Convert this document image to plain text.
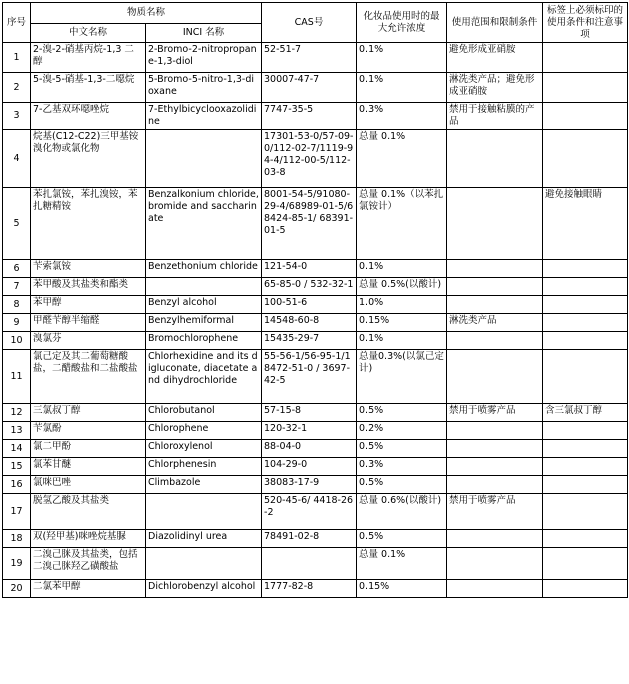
序号	物质名称		CAS号	化妆品使用时的最大允许浓度	使用范围和限制条件	标签上必须标印的使用条件和注意事项
	中文名称	INCI 名称				
1	2-溴-2-硝基丙烷-1,3 二醇	2-Bromo-2-nitropropane-1,3-diol	52-51-7	0.1%	避免形成亚硝胺	
2	5-溴-5-硝基-1,3-二噁烷	5-Bromo-5-nitro-1,3-dioxane	30007-47-7	0.1%	淋洗类产品；避免形成亚硝胺	
3	7-乙基双环噁唑烷	7-Ethylbicyclooxazolidine	7747-35-5	0.3%	禁用于接触粘膜的产品	
4	烷基(C12-C22)三甲基铵溴化物或氯化物		17301-53-0/57-09-0/112-02-7/1119-94-4/112-00-5/112-03-8	总量 0.1%		
5	苯扎氯铵，苯扎溴铵，苯扎糖精铵	Benzalkonium chloride, bromide and saccharinate	8001-54-5/91080-29-4/68989-01-5/68424-85-1/ 68391-01-5	总量 0.1%（以苯扎氯铵计）		避免接触眼睛
6	苄索氯铵	Benzethonium chloride	121-54-0	0.1%		
7	苯甲酸及其盐类和酯类		65-85-0 / 532-32-1	总量 0.5%(以酸计)		
8	苯甲醇	Benzyl alcohol	100-51-6	1.0%		
9	甲醛苄醇半缩醛	Benzylhemiformal	14548-60-8	0.15%	淋洗类产品	
10	溴氯芬	Bromochlorophene	15435-29-7	0.1%		
11	氯己定及其二葡萄糖酸盐，二醋酸盐和二盐酸盐	Chlorhexidine and its digluconate, diacetate and dihydrochloride	55-56-1/56-95-1/18472-51-0 / 3697-42-5	总量0.3%(以氯己定计)		
12	三氯叔丁醇	Chlorobutanol	57-15-8	0.5%	禁用于喷雾产品	含三氯叔丁醇
13	苄氯酚	Chlorophene	120-32-1	0.2%		
14	氯二甲酚	Chloroxylenol	88-04-0	0.5%		
15	氯苯甘醚	Chlorphenesin	104-29-0	0.3%		
16	氯咪巴唑	Climbazole	38083-17-9	0.5%		
17	脱氢乙酸及其盐类		520-45-6/ 4418-26-2	总量 0.6%(以酸计)	禁用于喷雾产品	
18	双(羟甲基)咪唑烷基脲	Diazolidinyl urea	78491-02-8	0.5%		
19	二溴己脒及其盐类，包括二溴己脒羟乙磺酸盐			总量 0.1%		
20	二氯苯甲醇	Dichlorobenzyl alcohol	1777-82-8	0.15%		
